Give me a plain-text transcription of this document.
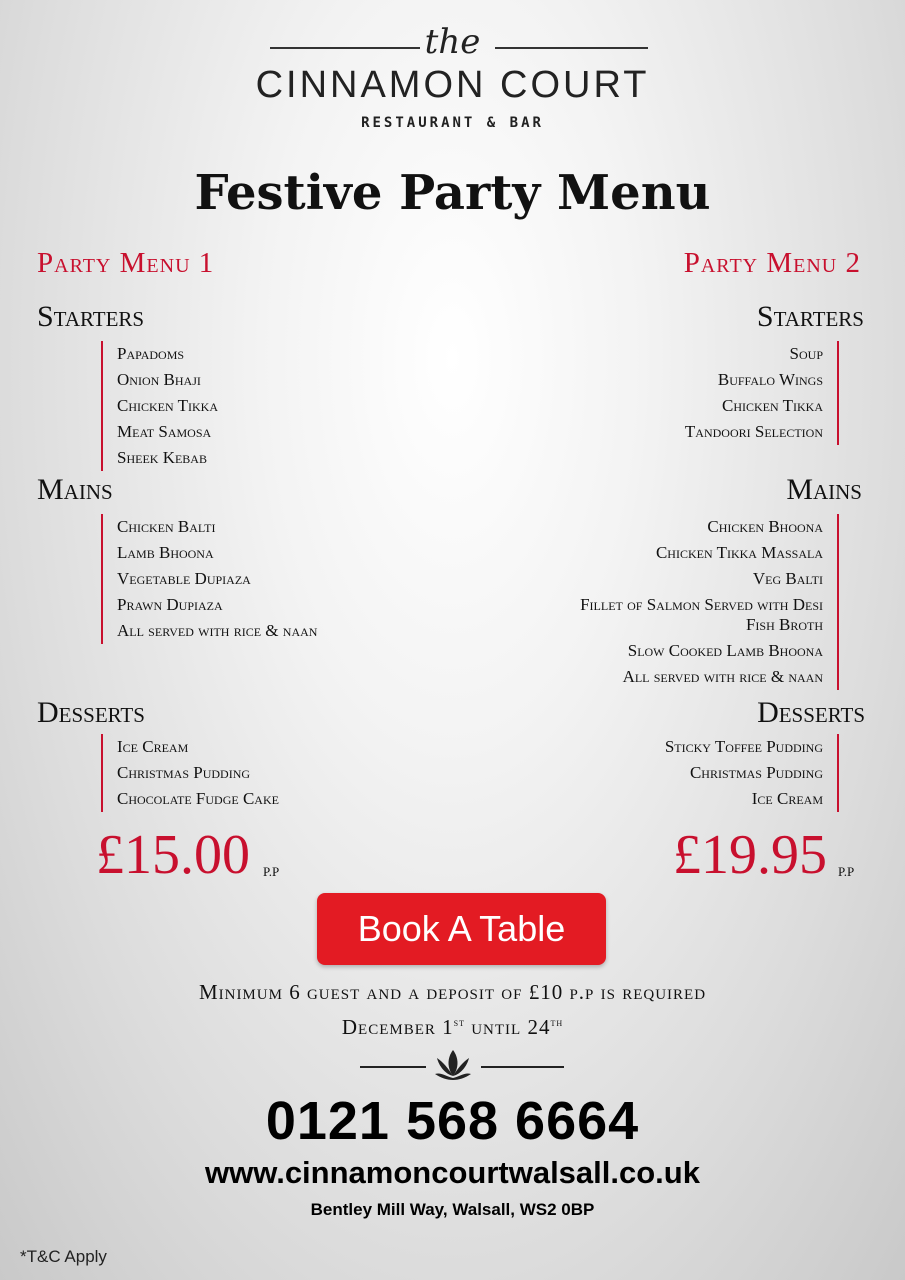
the
CINNAMON COURT
RESTAURANT & BAR
Festive Party Menu
Party Menu 1
Starters
Papadoms
Onion Bhaji
Chicken Tikka
Meat Samosa
Sheek Kebab
Mains
Chicken Balti
Lamb Bhoona
Vegetable Dupiaza
Prawn Dupiaza
All served with rice & naan
Desserts
Ice Cream
Christmas Pudding
Chocolate Fudge Cake
£15.00 P.P
Party Menu 2
Starters
Soup
Buffalo Wings
Chicken Tikka
Tandoori Selection
Mains
Chicken Bhoona
Chicken Tikka Massala
Veg Balti
Fillet of Salmon Served with Desi Fish Broth
Slow Cooked Lamb Bhoona
All served with rice & naan
Desserts
Sticky Toffee Pudding
Christmas Pudding
Ice Cream
£19.95 P.P
Book A Table
Minimum 6 guest and a deposit of £10 p.p is required
December 1st until 24th
0121 568 6664
www.cinnamoncourtwalsall.co.uk
Bentley Mill Way, Walsall, WS2 0BP
*T&C Apply
